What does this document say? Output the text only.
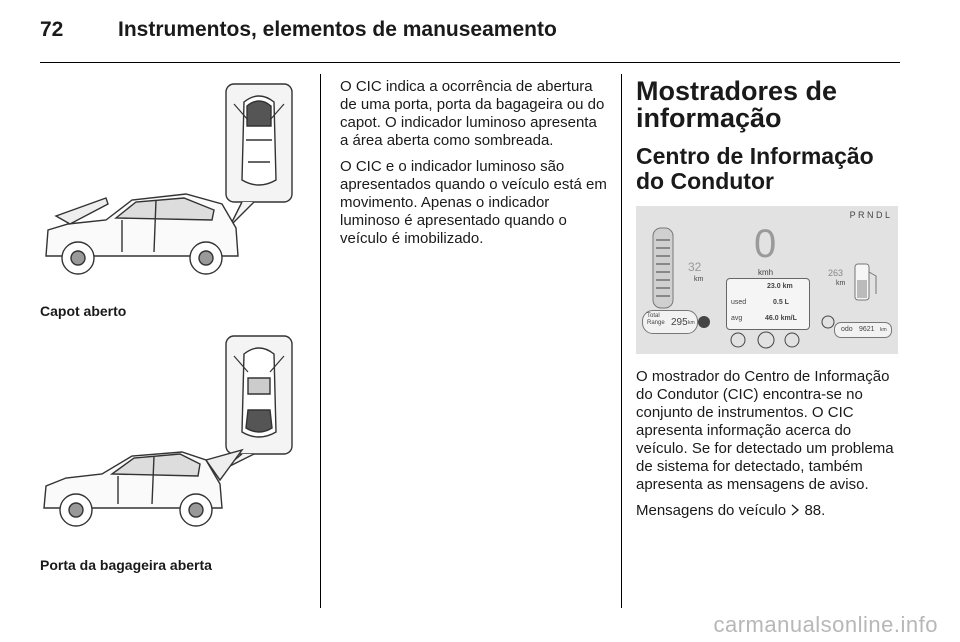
72	Instrumentos, elementos de manuseamento
Capot aberto
Porta da bagageira aberta

O CIC indica a ocorrência de abertura de uma porta, porta da bagageira ou do capot. O indicador luminoso apresenta a área aberta como sombreada.

O CIC e o indicador luminoso são apresentados quando o veículo está em movimento. Apenas o indicador luminoso é apresentado quando o veículo é imobilizado.

Mostradores de informação
Centro de Informação do Condutor
P R N D L
32
km
0
kmh	263
km
23.0 km
used	0.5 L
avg	46.0 km/L
Total Range 295 km
odo 9621 km

O mostrador do Centro de Informação do Condutor (CIC) encontra-se no conjunto de instrumentos. O CIC apresenta informação acerca do veículo. Se for detectado um problema de sistema for detectado, também apresenta as mensagens de aviso.

Mensagens do veículo 88.

carmanualsonline.info
